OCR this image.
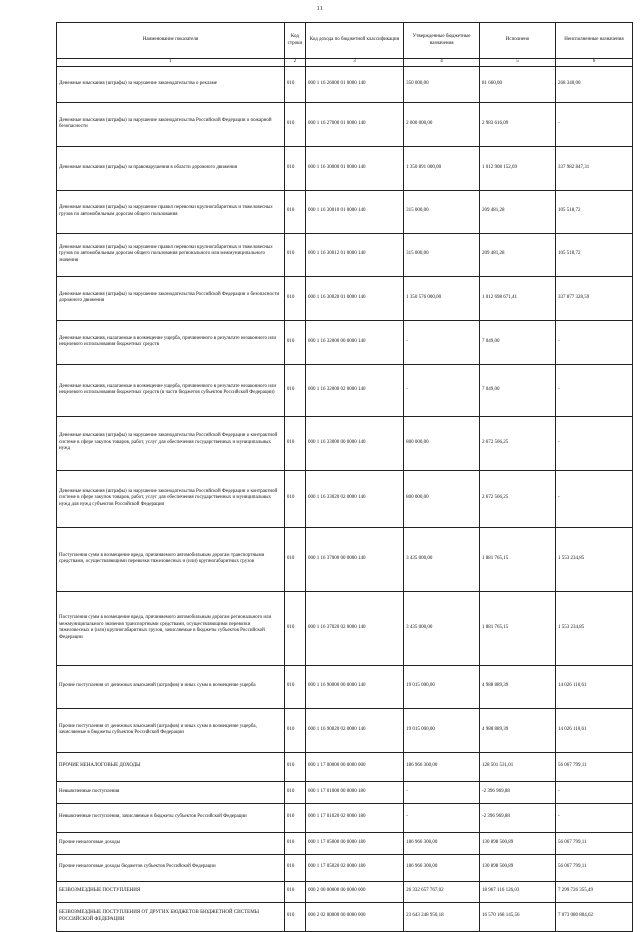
11
Наименование показателя	Код строки	Код дохода по бюджетной классификации	Утвержденные бюджетные назначения	Исполнено	Неисполненные назначения
1	2	3	4	5	6
Денежные взыскания (штрафы) за нарушение законодательства о рекламе	010	000 1 16 26000 01 0000 140	350 000,00	81 660,00	268 340,00
Денежные взыскания (штрафы) за нарушение законодательства Российской Федерации о пожарной безопасности	010	000 1 16 27000 01 0000 140	2 000 000,00	2 983 616,09	-
Денежные взыскания (штрафы) за правонарушения в области дорожного движения	010	000 1 16 30000 01 0000 140	1 350 891 000,00	1 012 908 152,69	337 982 847,31
Денежные взыскания (штрафы) за нарушение правил перевозки крупногабаритных и тяжеловесных грузов по автомобильным дорогам общего пользования	010	000 1 16 30010 01 0000 140	315 000,00	209 481,28	105 518,72
Денежные взыскания (штрафы) за нарушение правил перевозки крупногабаритных и тяжеловесных грузов по автомобильным дорогам общего пользования регионального или межмуниципального значения	010	000 1 16 30012 01 0000 140	315 000,00	209 481,28	105 518,72
Денежные взыскания (штрафы) за нарушение законодательства Российской Федерации о безопасности дорожного движения	010	000 1 16 30020 01 0000 140	1 350 576 000,00	1 012 698 671,41	337 877 328,59
Денежные взыскания, налагаемые в возмещение ущерба, причиненного в результате незаконного или нецелевого использования бюджетных средств	010	000 1 16 32000 00 0000 140	-	7 049,00	-
Денежные взыскания, налагаемые в возмещение ущерба, причиненного в результате незаконного или нецелевого использования бюджетных средств (в части бюджетов субъектов Российской Федерации)	010	000 1 16 32000 02 0000 140	-	7 049,00	-
Денежные взыскания (штрафы) за нарушение законодательства Российской Федерации о контрактной системе в сфере закупок товаров, работ, услуг для обеспечения государственных и муниципальных нужд	010	000 1 16 33000 00 0000 140	800 000,00	2 672 566,25	-
Денежные взыскания (штрафы) за нарушение законодательства Российской Федерации о контрактной системе в сфере закупок товаров, работ, услуг для обеспечения государственных и муниципальных нужд для нужд субъектов Российской Федерации	010	000 1 16 33020 02 0000 140	800 000,00	2 672 566,25	-
Поступления сумм в возмещение вреда, причиняемого автомобильным дорогам транспортными средствами, осуществляющими перевозки тяжеловесных и (или) крупногабаритных грузов	010	000 1 16 37000 00 0000 140	3 435 000,00	1 881 765,15	1 553 234,85
Поступления сумм в возмещение вреда, причиняемого автомобильным дорогам регионального или межмуниципального значения транспортными средствами, осуществляющими перевозки тяжеловесных и (или) крупногабаритных грузов, зачисляемые в бюджеты субъектов Российской Федерации	010	000 1 16 37020 02 0000 140	3 435 000,00	1 881 765,15	1 553 234,85
Прочие поступления от денежных взысканий (штрафов) и иных сумм в возмещение ущерба	010	000 1 16 90000 00 0000 140	19 015 000,00	4 988 889,39	14 026 110,61
Прочие поступления от денежных взысканий (штрафов) и иных сумм в возмещение ущерба, зачисляемые в бюджеты субъектов Российской Федерации	010	000 1 16 90020 02 0000 140	19 015 000,00	4 988 889,39	14 026 110,61
ПРОЧИЕ НЕНАЛОГОВЫЕ ДОХОДЫ	010	000 1 17 00000 00 0000 000	186 966 300,00	128 501 531,01	56 067 799,11
Невыясненные поступления	010	000 1 17 01000 00 0000 180	-	-2 396 969,88	-
Невыясненные поступления, зачисляемые в бюджеты субъектов Российской Федерации	010	000 1 17 01020 02 0000 180	-	-2 396 969,88	-
Прочие неналоговые доходы	010	000 1 17 05000 00 0000 180	186 966 300,00	130 898 500,89	56 067 799,11
Прочие неналоговые доходы бюджетов субъектов Российской Федерации	010	000 1 17 05020 02 0000 180	186 966 300,00	130 898 500,89	56 067 799,11
БЕЗВОЗМЕЗДНЫЕ ПОСТУПЛЕНИЯ	010	000 2 00 00000 00 0000 000	26 332 657 767,02	18 967 116 126,03	7 299 726 355,49
БЕЗВОЗМЕЗДНЫЕ ПОСТУПЛЕНИЯ ОТ ДРУГИХ БЮДЖЕТОВ БЮДЖЕТНОЙ СИСТЕМЫ РОССИЙСКОЙ ФЕДЕРАЦИИ	010	000 2 02 00000 00 0000 000	23 643 248 950,18	16 570 168 145,56	7 073 080 804,62
